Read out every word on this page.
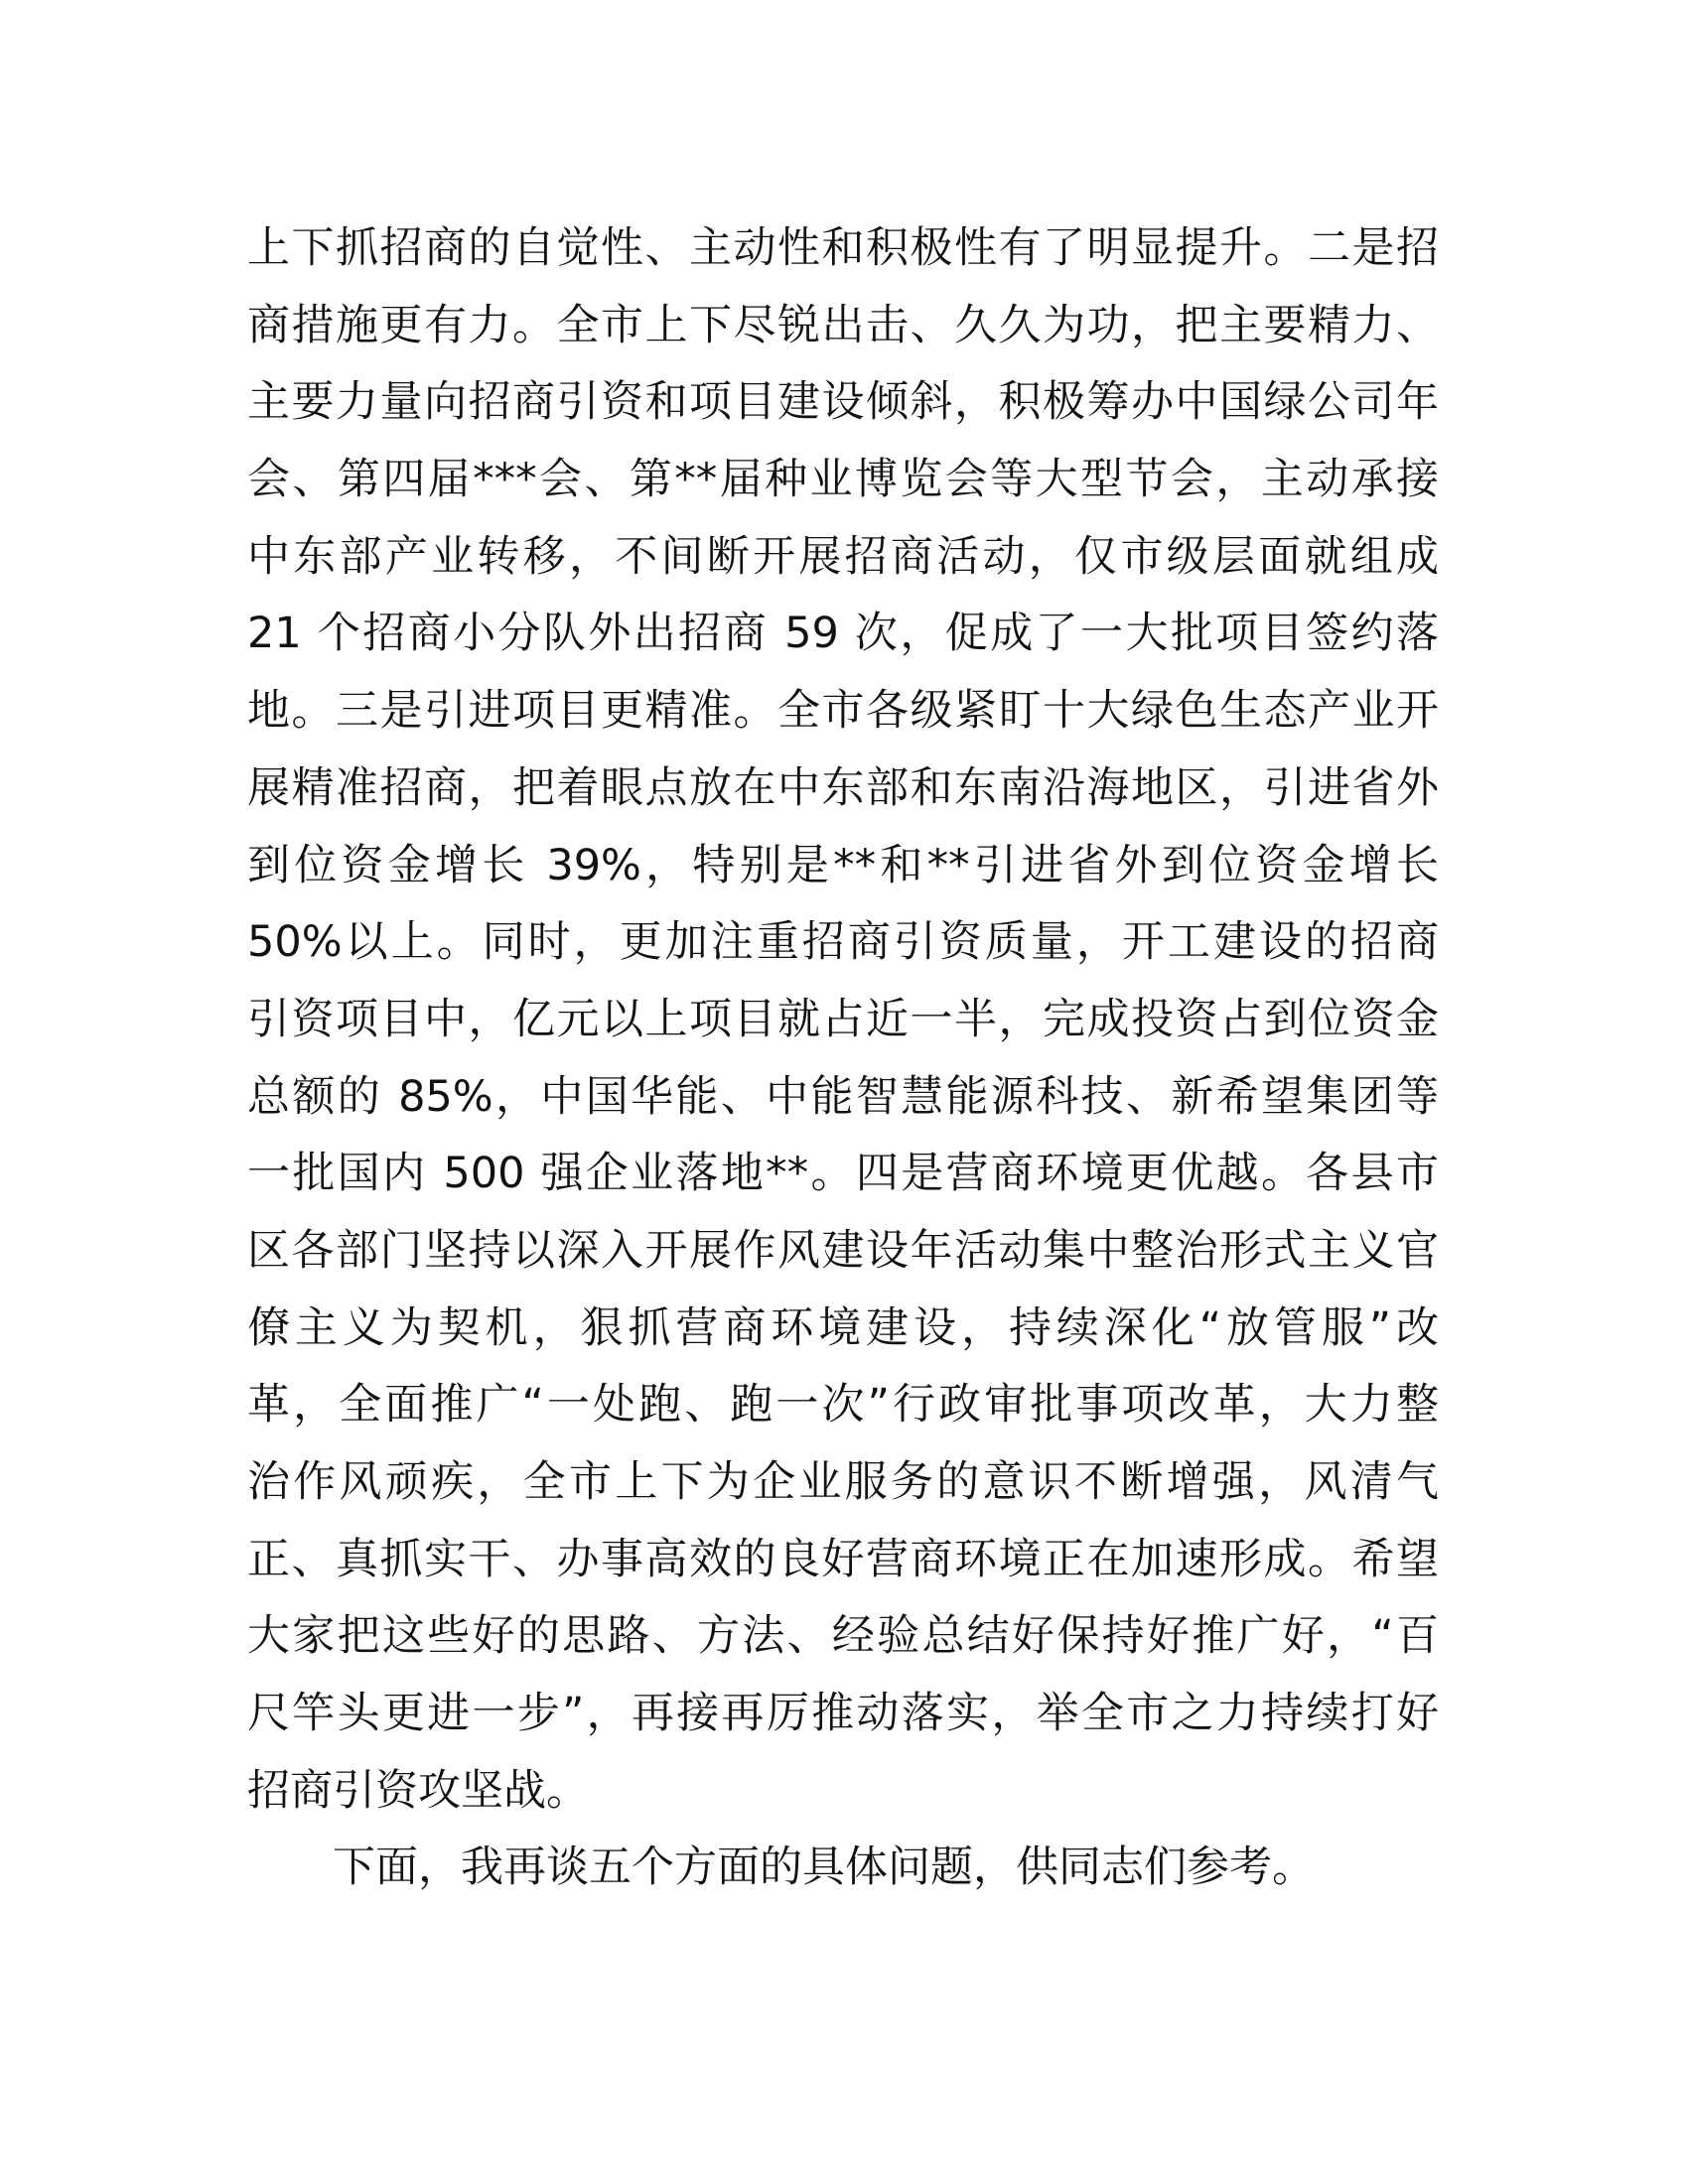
上下抓招商的自觉性、主动性和积极性有了明显提升。二是招
商措施更有力。全市上下尽锐出击、久久为功，把主要精力、
主要力量向招商引资和项目建设倾斜，积极筹办中国绿公司年
会、第四届***会、第**届种业博览会等大型节会，主动承接
中东部产业转移，不间断开展招商活动，仅市级层面就组成
21 个招商小分队外出招商 59 次，促成了一大批项目签约落
地。三是引进项目更精准。全市各级紧盯十大绿色生态产业开
展精准招商，把着眼点放在中东部和东南沿海地区，引进省外
到位资金增长 39%，特别是**和**引进省外到位资金增长
50%以上。同时，更加注重招商引资质量，开工建设的招商
引资项目中，亿元以上项目就占近一半，完成投资占到位资金
总额的 85%，中国华能、中能智慧能源科技、新希望集团等
一批国内 500 强企业落地**。四是营商环境更优越。各县市
区各部门坚持以深入开展作风建设年活动集中整治形式主义官
僚主义为契机，狠抓营商环境建设，持续深化“放管服”改
革，全面推广“一处跑、跑一次”行政审批事项改革，大力整
治作风顽疾，全市上下为企业服务的意识不断增强，风清气
正、真抓实干、办事高效的良好营商环境正在加速形成。希望
大家把这些好的思路、方法、经验总结好保持好推广好，“百
尺竿头更进一步”，再接再厉推动落实，举全市之力持续打好
招商引资攻坚战。
下面，我再谈五个方面的具体问题，供同志们参考。
